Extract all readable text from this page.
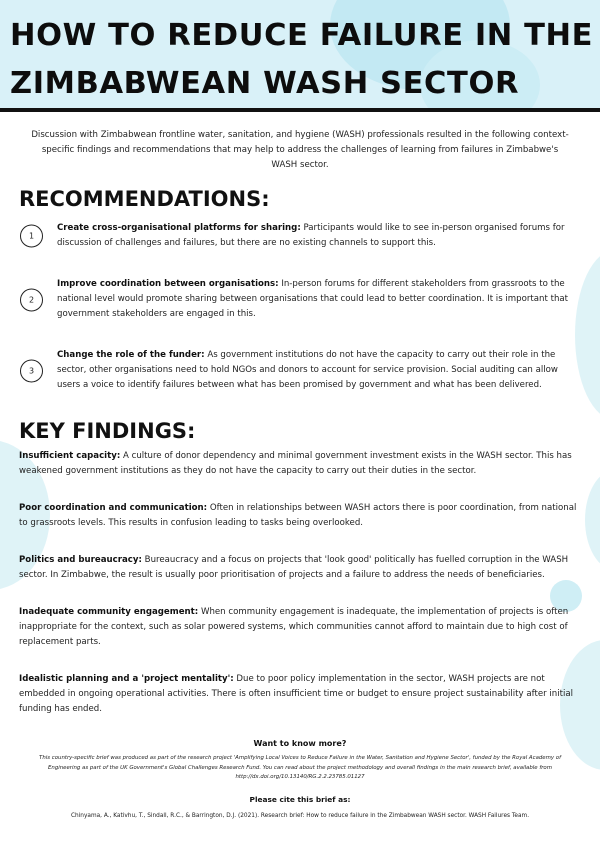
HOW TO REDUCE FAILURE IN THE
ZIMBABWEAN WASH SECTOR

Discussion with Zimbabwean frontline water, sanitation, and hygiene (WASH) professionals resulted in the following context-specific findings and recommendations that may help to address the challenges of learning from failures in Zimbabwe's WASH sector.

RECOMMENDATIONS:
1
Create cross-organisational platforms for sharing: Participants would like to see in-person organised forums for discussion of challenges and failures, but there are no existing channels to support this.
2
Improve coordination between organisations: In-person forums for different stakeholders from grassroots to the national level would promote sharing between organisations that could lead to better coordination. It is important that government stakeholders are engaged in this.
3
Change the role of the funder: As government institutions do not have the capacity to carry out their role in the sector, other organisations need to hold NGOs and donors to account for service provision. Social auditing can allow users a voice to identify failures between what has been promised by government and what has been delivered.
KEY FINDINGS:
Insufficient capacity: A culture of donor dependency and minimal government investment exists in the WASH sector. This has weakened government institutions as they do not have the capacity to carry out their duties in the sector.
Poor coordination and communication: Often in relationships between WASH actors there is poor coordination, from national to grassroots levels. This results in confusion leading to tasks being overlooked.
Politics and bureaucracy: Bureaucracy and a focus on projects that 'look good' politically has fuelled corruption in the WASH sector. In Zimbabwe, the result is usually poor prioritisation of projects and a failure to address the needs of beneficiaries.
Inadequate community engagement: When community engagement is inadequate, the implementation of projects is often inappropriate for the context, such as solar powered systems, which communities cannot afford to maintain due to high cost of replacement parts.
Idealistic planning and a 'project mentality': Due to poor policy implementation in the sector, WASH projects are not embedded in ongoing operational activities. There is often insufficient time or budget to ensure project sustainability after initial funding has ended.
Want to know more?
This country-specific brief was produced as part of the research project 'Amplifying Local Voices to Reduce Failure in the Water, Sanitation and Hygiene Sector', funded by the Royal Academy of Engineering as part of the UK Government's Global Challenges Research Fund. You can read about the project methodology and overall findings in the main research brief, available from http://dx.doi.org/10.13140/RG.2.2.23785.01127
Please cite this brief as:
Chinyama, A., Kativhu, T., Sindall, R.C., & Barrington, D.J. (2021). Research brief: How to reduce failure in the Zimbabwean WASH sector. WASH Failures Team.
